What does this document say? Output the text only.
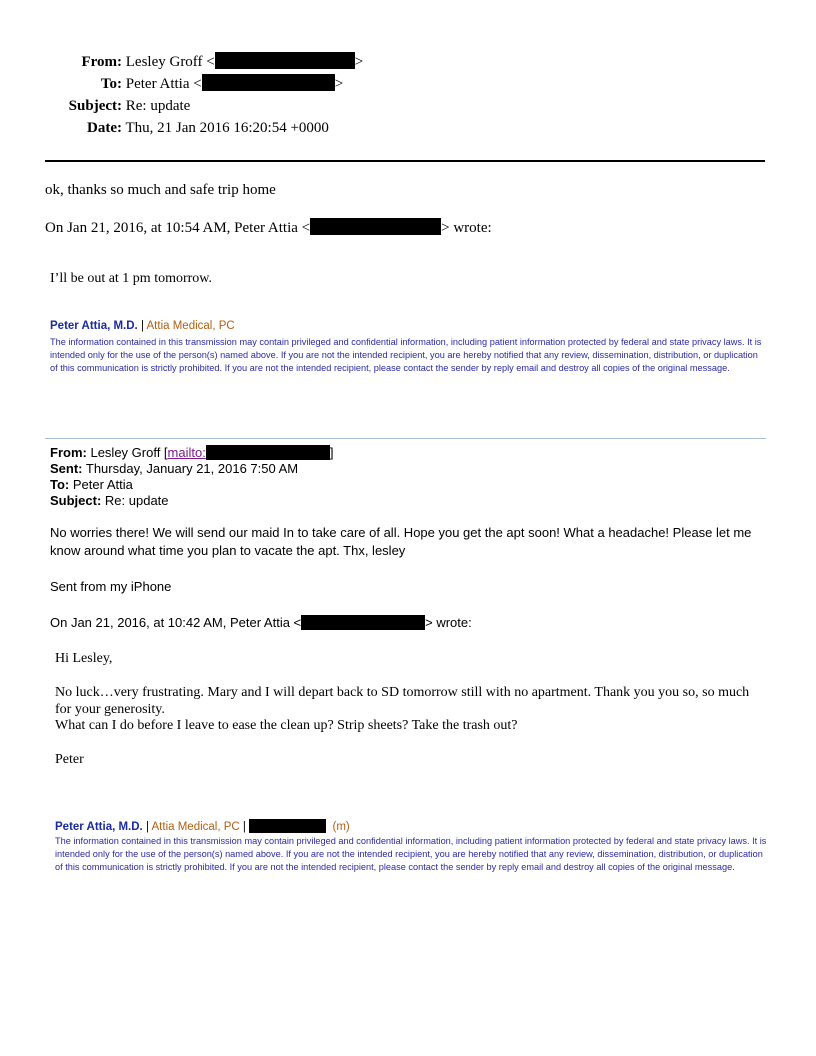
From: Lesley Groff <	>
To: Peter Attia <	>
Subject: Re: update
Date: Thu, 21 Jan 2016 16:20:54 +0000
ok, thanks so much and safe trip home
On Jan 21, 2016, at 10:54 AM, Peter Attia <	> wrote:
I’ll be out at 1 pm tomorrow.
Peter Attia, M.D. | Attia Medical, PC
The information contained in this transmission may contain privileged and confidential information, including patient information protected by federal and state privacy laws. It is intended only for the use of the person(s) named above. If you are not the intended recipient, you are hereby notified that any review, dissemination, distribution, or duplication of this communication is strictly prohibited. If you are not the intended recipient, please contact the sender by reply email and destroy all copies of the original message.
From: Lesley Groff [mailto:	]
Sent: Thursday, January 21, 2016 7:50 AM
To: Peter Attia
Subject: Re: update
No worries there! We will send our maid In to take care of all. Hope you get the apt soon! What a headache! Please let me know around what time you plan to vacate the apt. Thx, lesley
Sent from my iPhone
On Jan 21, 2016, at 10:42 AM, Peter Attia <	> wrote:
Hi Lesley,
No luck…very frustrating. Mary and I will depart back to SD tomorrow still with no apartment. Thank you you so, so much for your generosity.
What can I do before I leave to ease the clean up? Strip sheets? Take the trash out?
Peter
Peter Attia, M.D. | Attia Medical, PC |	(m)
The information contained in this transmission may contain privileged and confidential information, including patient information protected by federal and state privacy laws. It is intended only for the use of the person(s) named above. If you are not the intended recipient, you are hereby notified that any review, dissemination, distribution, or duplication of this communication is strictly prohibited. If you are not the intended recipient, please contact the sender by reply email and destroy all copies of the original message.
